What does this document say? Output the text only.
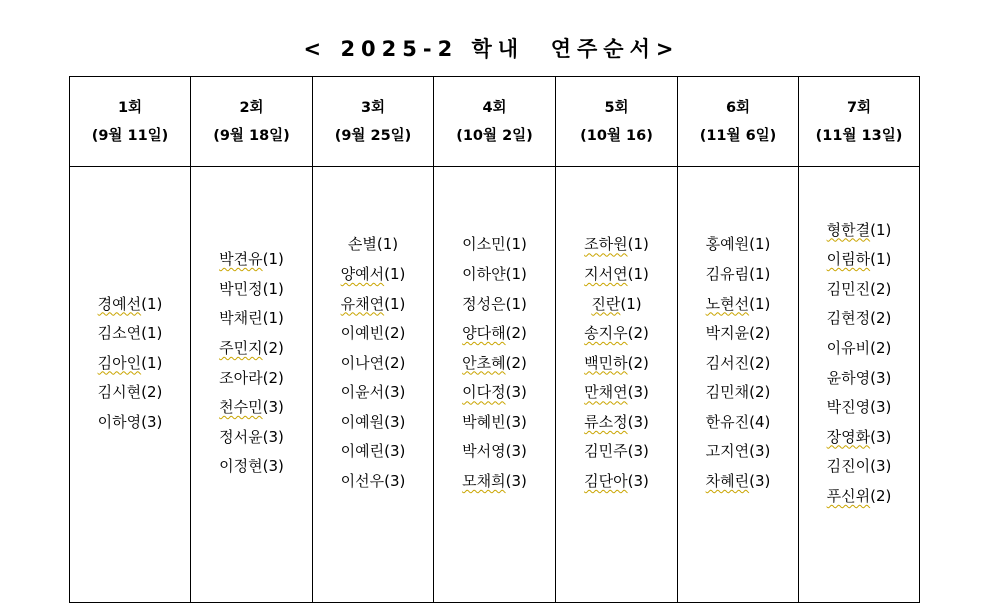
< 2025-2 학내  연주순서>
1회
(9월 11일)
2회
(9월 18일)
3회
(9월 25일)
4회
(10월 2일)
5회
(10월 16)
6회
(11월 6일)
7회
(11월 13일)
경예선(1)
김소연(1)
김아인(1)
김시현(2)
이하영(3)
박견유(1)
박민정(1)
박채린(1)
주민지(2)
조아라(2)
천수민(3)
정서윤(3)
이정현(3)
손별(1)
양예서(1)
유채연(1)
이예빈(2)
이나연(2)
이윤서(3)
이예원(3)
이예린(3)
이선우(3)
이소민(1)
이하얀(1)
정성은(1)
양다해(2)
안초혜(2)
이다정(3)
박혜빈(3)
박서영(3)
모채희(3)
조하원(1)
지서연(1)
진란(1)
송지우(2)
백민하(2)
만채연(3)
류소정(3)
김민주(3)
김단아(3)
홍예원(1)
김유림(1)
노현선(1)
박지윤(2)
김서진(2)
김민채(2)
한유진(4)
고지연(3)
차혜린(3)
형한결(1)
이림하(1)
김민진(2)
김현정(2)
이유비(2)
윤하영(3)
박진영(3)
장영화(3)
김진이(3)
푸신위(2)
